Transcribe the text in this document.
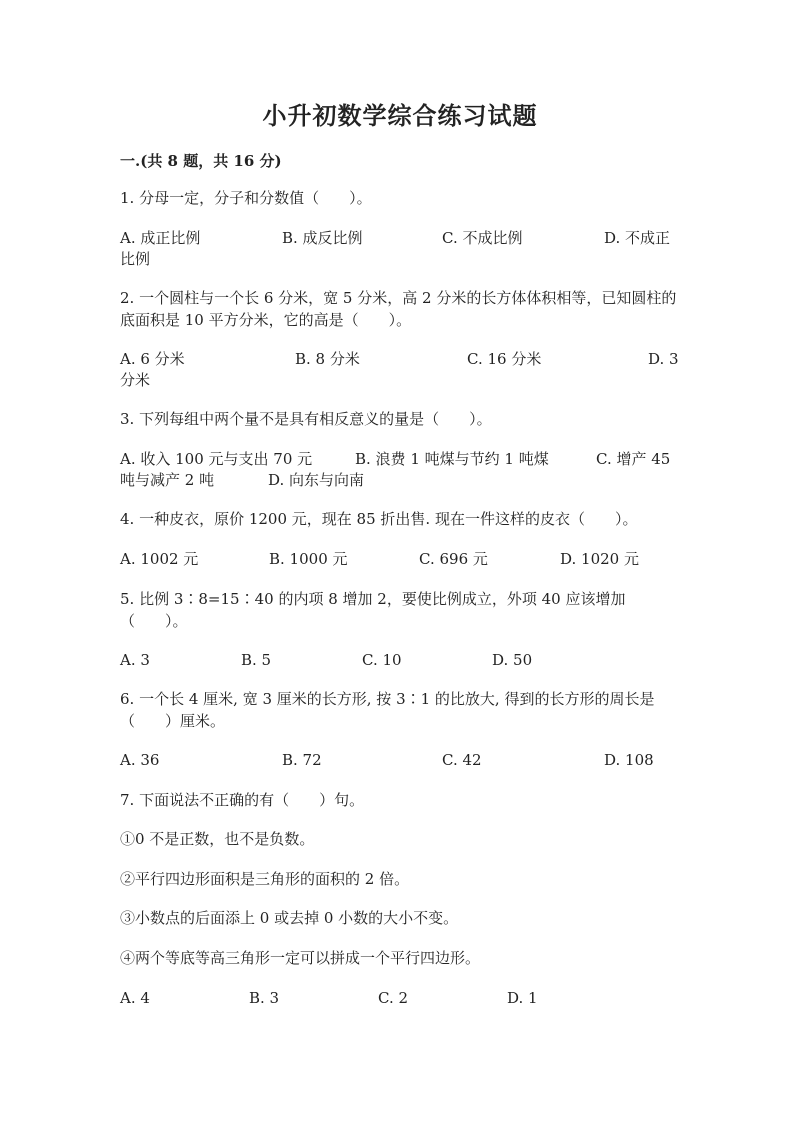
小升初数学综合练习试题

一.(共 8 题，共 16 分)

1. 分母一定，分子和分数值（　　）。

A. 成正比例	B. 成反比例	C. 不成比例	D. 不成正
比例

2. 一个圆柱与一个长 6 分米，宽 5 分米，高 2 分米的长方体体积相等，已知圆柱的底面积是 10 平方分米，它的高是（　　）。

A. 6 分米	B. 8 分米	C. 16 分米	D. 3
分米

3. 下列每组中两个量不是具有相反意义的量是（　　）。

A. 收入 100 元与支出 70 元	B. 浪费 1 吨煤与节约 1 吨煤	C. 增产 45
吨与减产 2 吨	D. 向东与向南

4. 一种皮衣，原价 1200 元，现在 85 折出售. 现在一件这样的皮衣（　　）。

A. 1002 元	B. 1000 元	C. 696 元	D. 1020 元

5. 比例 3∶8=15∶40 的内项 8 增加 2，要使比例成立，外项 40 应该增加（　　）。

A. 3	B. 5	C. 10	D. 50

6. 一个长 4 厘米, 宽 3 厘米的长方形, 按 3∶1 的比放大, 得到的长方形的周长是（　　）厘米。

A. 36	B. 72	C. 42	D. 108

7. 下面说法不正确的有（　　）句。

①0 不是正数，也不是负数。

②平行四边形面积是三角形的面积的 2 倍。

③小数点的后面添上 0 或去掉 0 小数的大小不变。

④两个等底等高三角形一定可以拼成一个平行四边形。

A. 4	B. 3	C. 2	D. 1
